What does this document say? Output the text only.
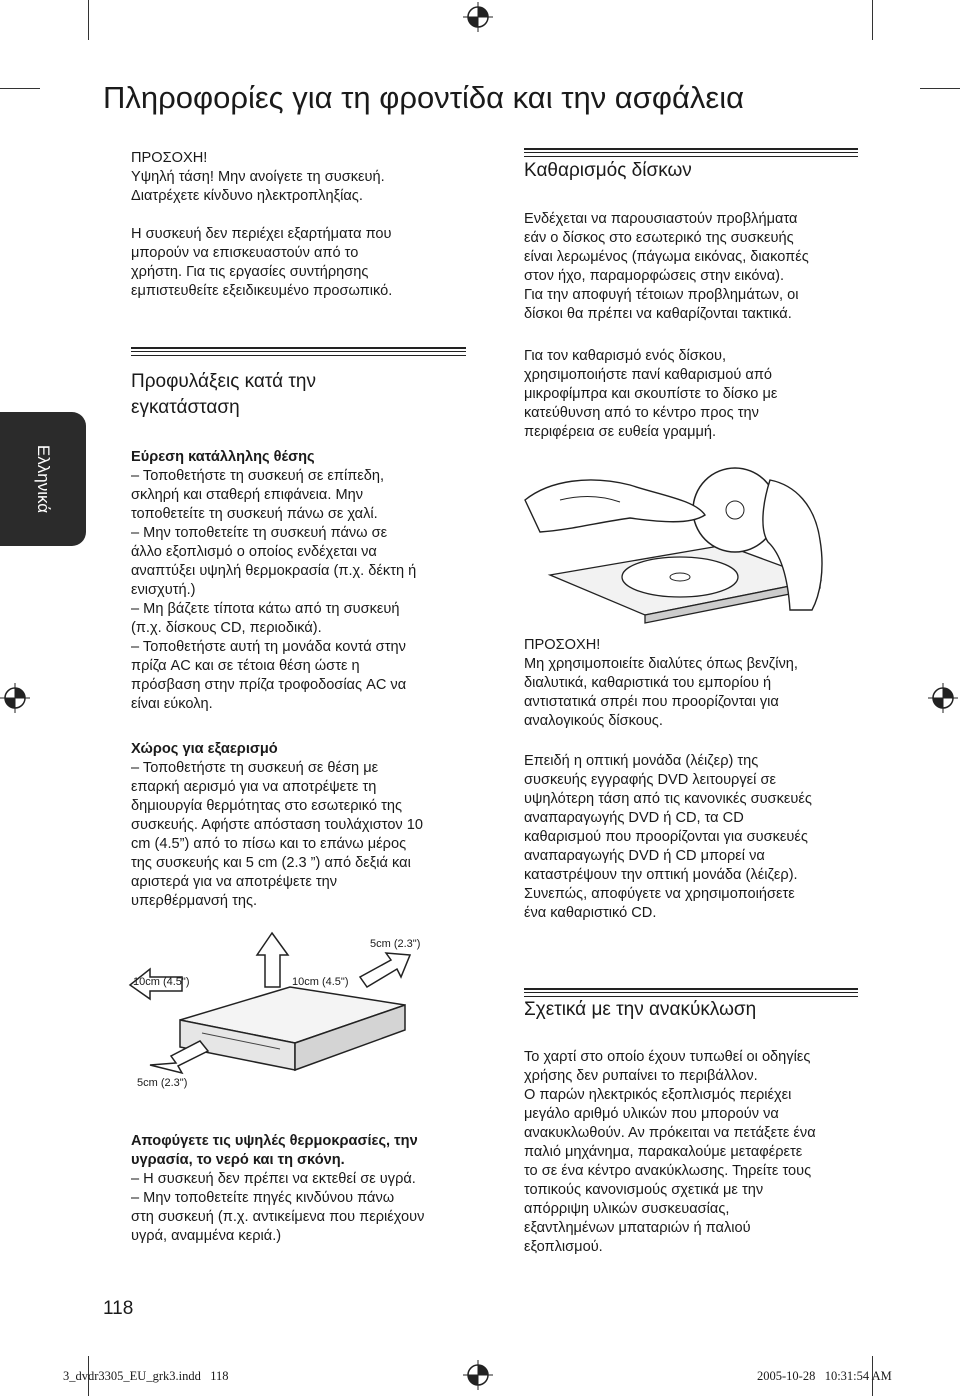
Πληροφορίες για τη φροντίδα και την ασφάλεια
Ελληνικά

ΠΡΟΣΟΧΗ!

Υψηλή τάση! Μην ανοίγετε τη συσκευή.

Διατρέχετε κίνδυνο ηλεκτροπληξίας.

Η συσκευή δεν περιέχει εξαρτήματα που

μπορούν να επισκευαστούν από το

χρήστη. Για τις εργασίες συντήρησης

εμπιστευθείτε εξειδικευμένο προσωπικό.

Προφυλάξεις κατά την
εγκατάσταση

Εύρεση κατάλληλης θέσης

– Τοποθετήστε τη συσκευή σε επίπεδη,

σκληρή και σταθερή επιφάνεια. Μην

τοποθετείτε τη συσκευή πάνω σε χαλί.

– Μην τοποθετείτε τη συσκευή πάνω σε

άλλο εξοπλισμό ο οποίος ενδέχεται να

αναπτύξει υψηλή θερμοκρασία (π.χ. δέκτη ή

ενισχυτή.)

– Μη βάζετε τίποτα κάτω από τη συσκευή

(π.χ. δίσκους CD, περιοδικά).

– Τοποθετήστε αυτή τη μονάδα κοντά στην

πρίζα AC και σε τέτοια θέση ώστε η

πρόσβαση στην πρίζα τροφοδοσίας AC να

είναι εύκολη.

Χώρος για εξαερισμό

– Τοποθετήστε τη συσκευή σε θέση με

επαρκή αερισμό για να αποτρέψετε τη

δημιουργία θερμότητας στο εσωτερικό της

συσκευής. Αφήστε απόσταση τουλάχιστον 10

cm (4.5”) από το πίσω και το επάνω μέρος

της συσκευής και 5 cm (2.3 ”) από δεξιά και

αριστερά για να αποτρέψετε την

υπερθέρμανσή της.

5cm (2.3")
10cm (4.5")	10cm (4.5")
5cm (2.3")

Αποφύγετε τις υψηλές θερμοκρασίες, την

υγρασία, το νερό και τη σκόνη.

– Η συσκευή δεν πρέπει να εκτεθεί σε υγρά.

– Μην τοποθετείτε πηγές κινδύνου πάνω

στη συσκευή (π.χ. αντικείμενα που περιέχουν

υγρά, αναμμένα κεριά.)

Καθαρισμός δίσκων

Ενδέχεται να παρουσιαστούν προβλήματα

εάν ο δίσκος στο εσωτερικό της συσκευής

είναι λερωμένος (πάγωμα εικόνας, διακοπές

στον ήχο, παραμορφώσεις στην εικόνα).

Για την αποφυγή τέτοιων προβλημάτων, οι

δίσκοι θα πρέπει να καθαρίζονται τακτικά.

Για τον καθαρισμό ενός δίσκου,

χρησιμοποιήστε πανί καθαρισμού από

μικροφίμπρα και σκουπίστε το δίσκο με

κατεύθυνση από το κέντρο προς την

περιφέρεια σε ευθεία γραμμή.

ΠΡΟΣΟΧΗ!

Μη χρησιμοποιείτε διαλύτες όπως βενζίνη,

διαλυτικά, καθαριστικά του εμπορίου ή

αντιστατικά σπρέι που προορίζονται για

αναλογικούς δίσκους.

Επειδή η οπτική μονάδα (λέιζερ) της

συσκευής εγγραφής DVD λειτουργεί σε

υψηλότερη τάση από τις κανονικές συσκευές

αναπαραγωγής DVD ή CD, τα CD

καθαρισμού που προορίζονται για συσκευές

αναπαραγωγής DVD ή CD μπορεί να

καταστρέψουν την οπτική μονάδα (λέιζερ).

Συνεπώς, αποφύγετε να χρησιμοποιήσετε

ένα καθαριστικό CD.

Σχετικά με την ανακύκλωση

Το χαρτί στο οποίο έχουν τυπωθεί οι οδηγίες

χρήσης δεν ρυπαίνει το περιβάλλον.

Ο παρών ηλεκτρικός εξοπλισμός περιέχει

μεγάλο αριθμό υλικών που μπορούν να

ανακυκλωθούν. Αν πρόκειται να πετάξετε ένα

παλιό μηχάνημα, παρακαλούμε μεταφέρετε

το σε ένα κέντρο ανακύκλωσης. Τηρείτε τους

τοπικούς κανονισμούς σχετικά με την

απόρριψη υλικών συσκευασίας,

εξαντλημένων μπαταριών ή παλιού

εξοπλισμού.

118
3_dvdr3305_EU_grk3.indd   118	2005-10-28   10:31:54 AM
